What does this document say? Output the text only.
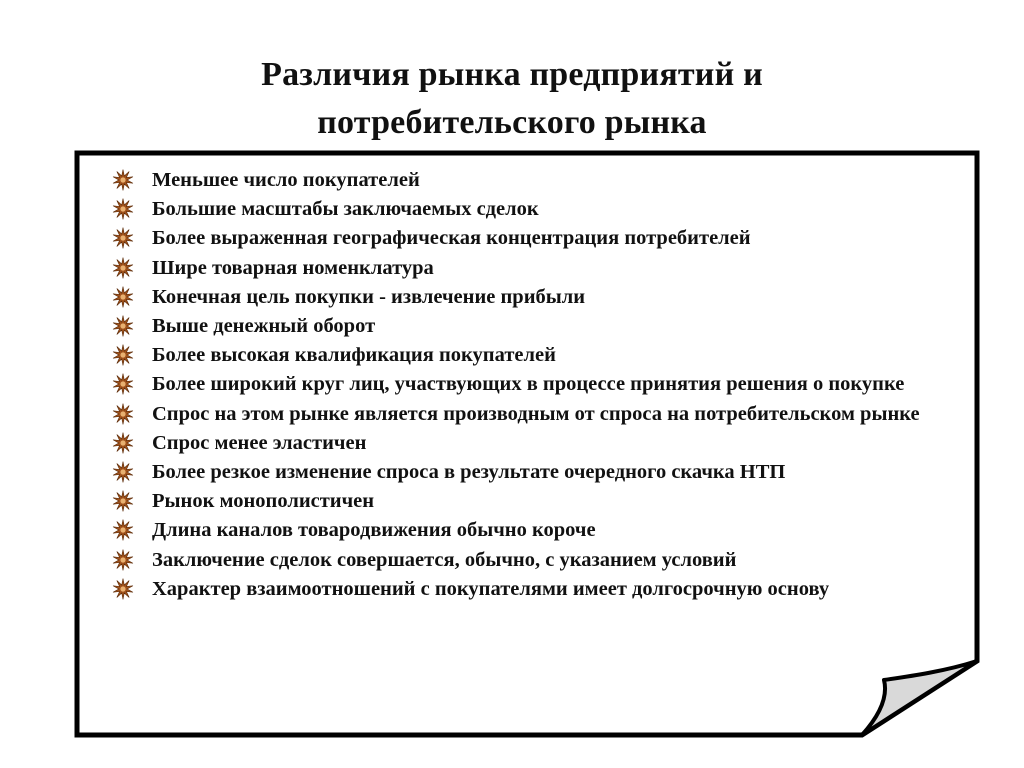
Различия рынка предприятий и
потребительского рынка
Меньшее число покупателей
Большие масштабы заключаемых сделок
Более выраженная географическая концентрация потребителей
Шире товарная номенклатура
Конечная цель покупки - извлечение прибыли
Выше денежный оборот
Более высокая квалификация покупателей
Более широкий круг лиц, участвующих в процессе принятия решения о покупке
Спрос на этом рынке является производным от спроса на потребительском рынке
Спрос менее эластичен
Более резкое изменение спроса в результате очередного скачка НТП
Рынок монополистичен
Длина каналов товародвижения обычно короче
Заключение сделок совершается, обычно, с указанием условий
Характер взаимоотношений с покупателями имеет долгосрочную основу
